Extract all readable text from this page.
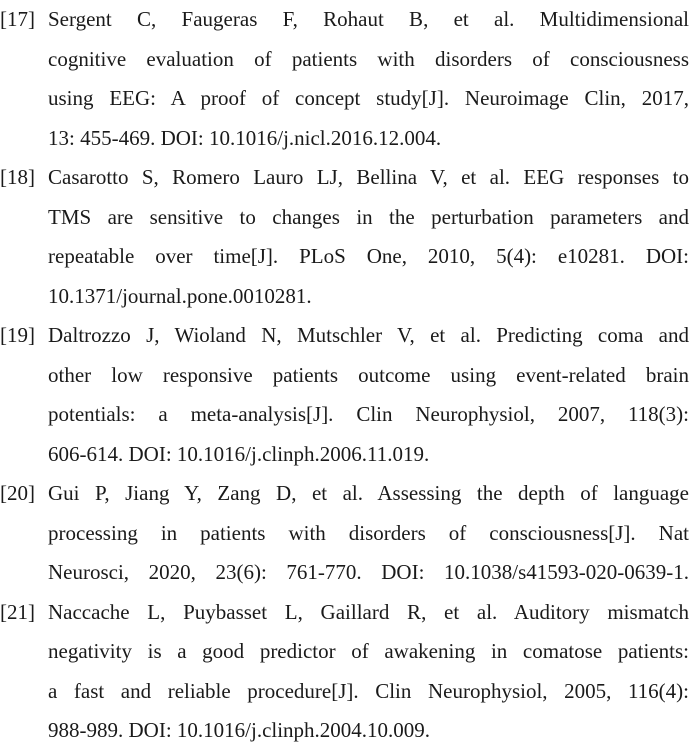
[17] Sergent C, Faugeras F, Rohaut B, et al. Multidimensional
cognitive evaluation of patients with disorders of consciousness
using EEG: A proof of concept study[J]. Neuroimage Clin, 2017,
13: 455-469. DOI: 10.1016/j.nicl.2016.12.004.
[18] Casarotto S, Romero Lauro LJ, Bellina V, et al. EEG responses to
TMS are sensitive to changes in the perturbation parameters and
repeatable over time[J]. PLoS One, 2010, 5(4): e10281. DOI:
10.1371/journal.pone.0010281.
[19] Daltrozzo J, Wioland N, Mutschler V, et al. Predicting coma and
other low responsive patients outcome using event-related brain
potentials: a meta-analysis[J]. Clin Neurophysiol, 2007, 118(3):
606-614. DOI: 10.1016/j.clinph.2006.11.019.
[20] Gui P, Jiang Y, Zang D, et al. Assessing the depth of language
processing in patients with disorders of consciousness[J]. Nat
Neurosci, 2020, 23(6): 761-770. DOI: 10.1038/s41593-020-0639-1.
[21] Naccache L, Puybasset L, Gaillard R, et al. Auditory mismatch
negativity is a good predictor of awakening in comatose patients:
a fast and reliable procedure[J]. Clin Neurophysiol, 2005, 116(4):
988-989. DOI: 10.1016/j.clinph.2004.10.009.
